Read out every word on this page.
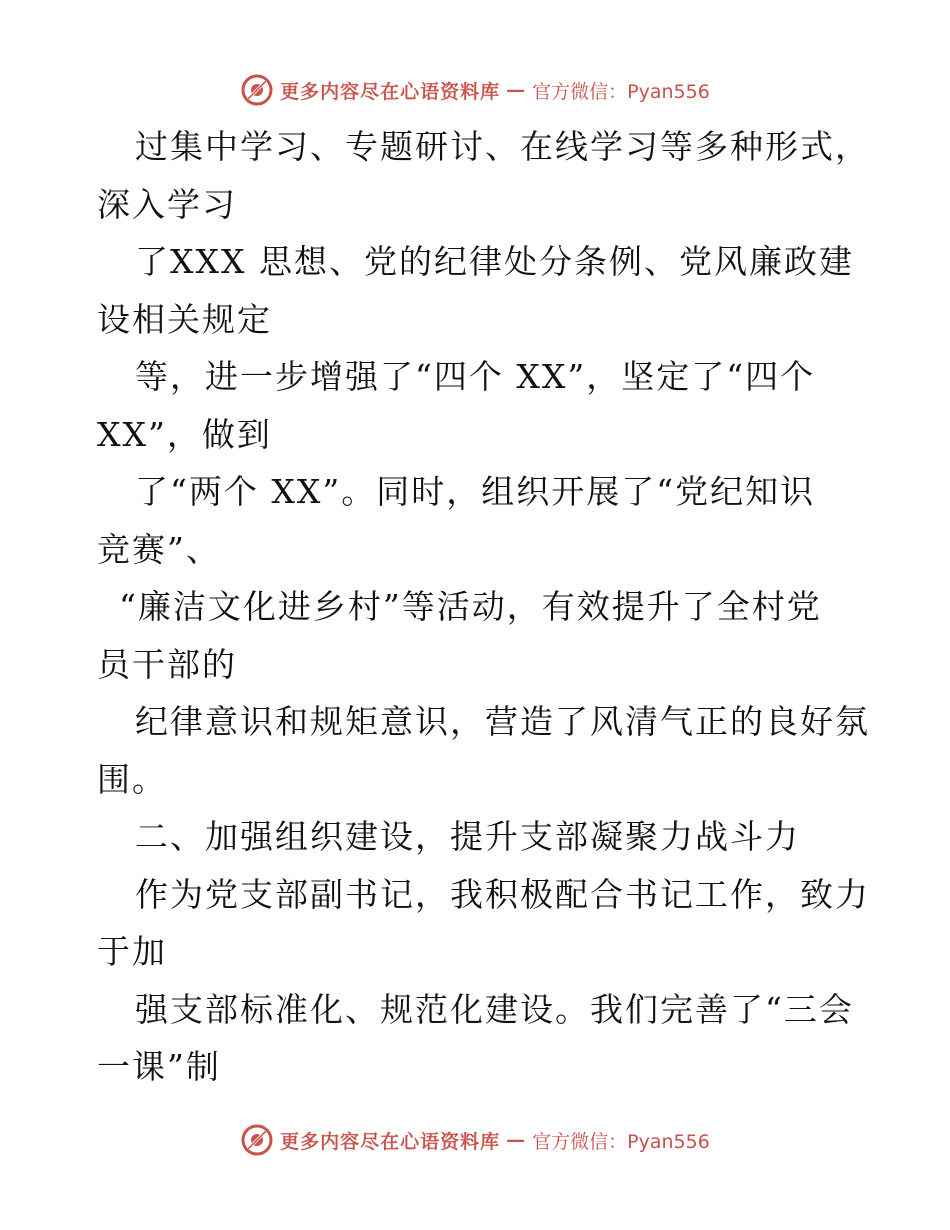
更多内容尽在心语资料库 — 官方微信：Pyan556
过集中学习、专题研讨、在线学习等多种形式，
深入学习
了XXX 思想、党的纪律处分条例、党风廉政建
设相关规定
等，进一步增强了“四个 XX”，坚定了“四个
XX”，做到
了“两个 XX”。同时，组织开展了“党纪知识
竞赛”、
“廉洁文化进乡村”等活动，有效提升了全村党
员干部的
纪律意识和规矩意识，营造了风清气正的良好氛
围。
二、加强组织建设，提升支部凝聚力战斗力
作为党支部副书记，我积极配合书记工作，致力
于加
强支部标准化、规范化建设。我们完善了“三会
一课”制
更多内容尽在心语资料库 — 官方微信：Pyan556
